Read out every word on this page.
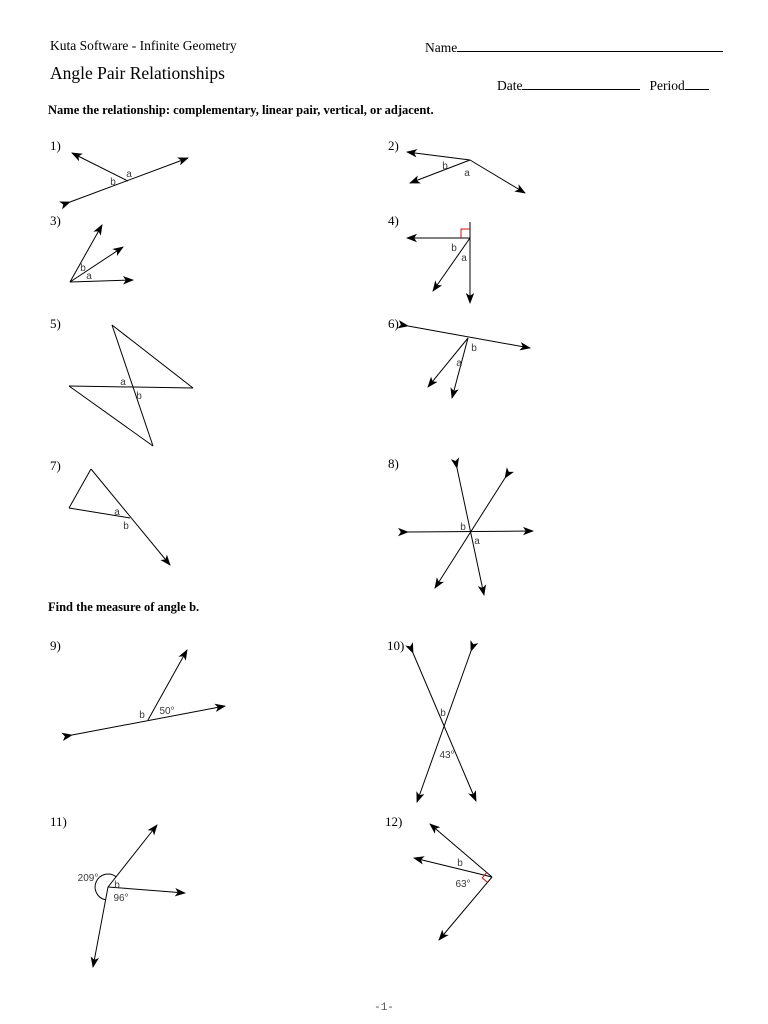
Kuta Software - Infinite Geometry	Name
Angle Pair Relationships
Date	Period
Name the relationship: complementary, linear pair, vertical, or adjacent.
1)
a
b
2)
b
a
3)
b
a
4)
b
a
5)
a
b
6)
b
a
7)
a
b
8)
b
a
Find the measure of angle b.
9)
b 50°
10)
b
43°
11)
209°
b
96°
12)
b
63°
-1-
